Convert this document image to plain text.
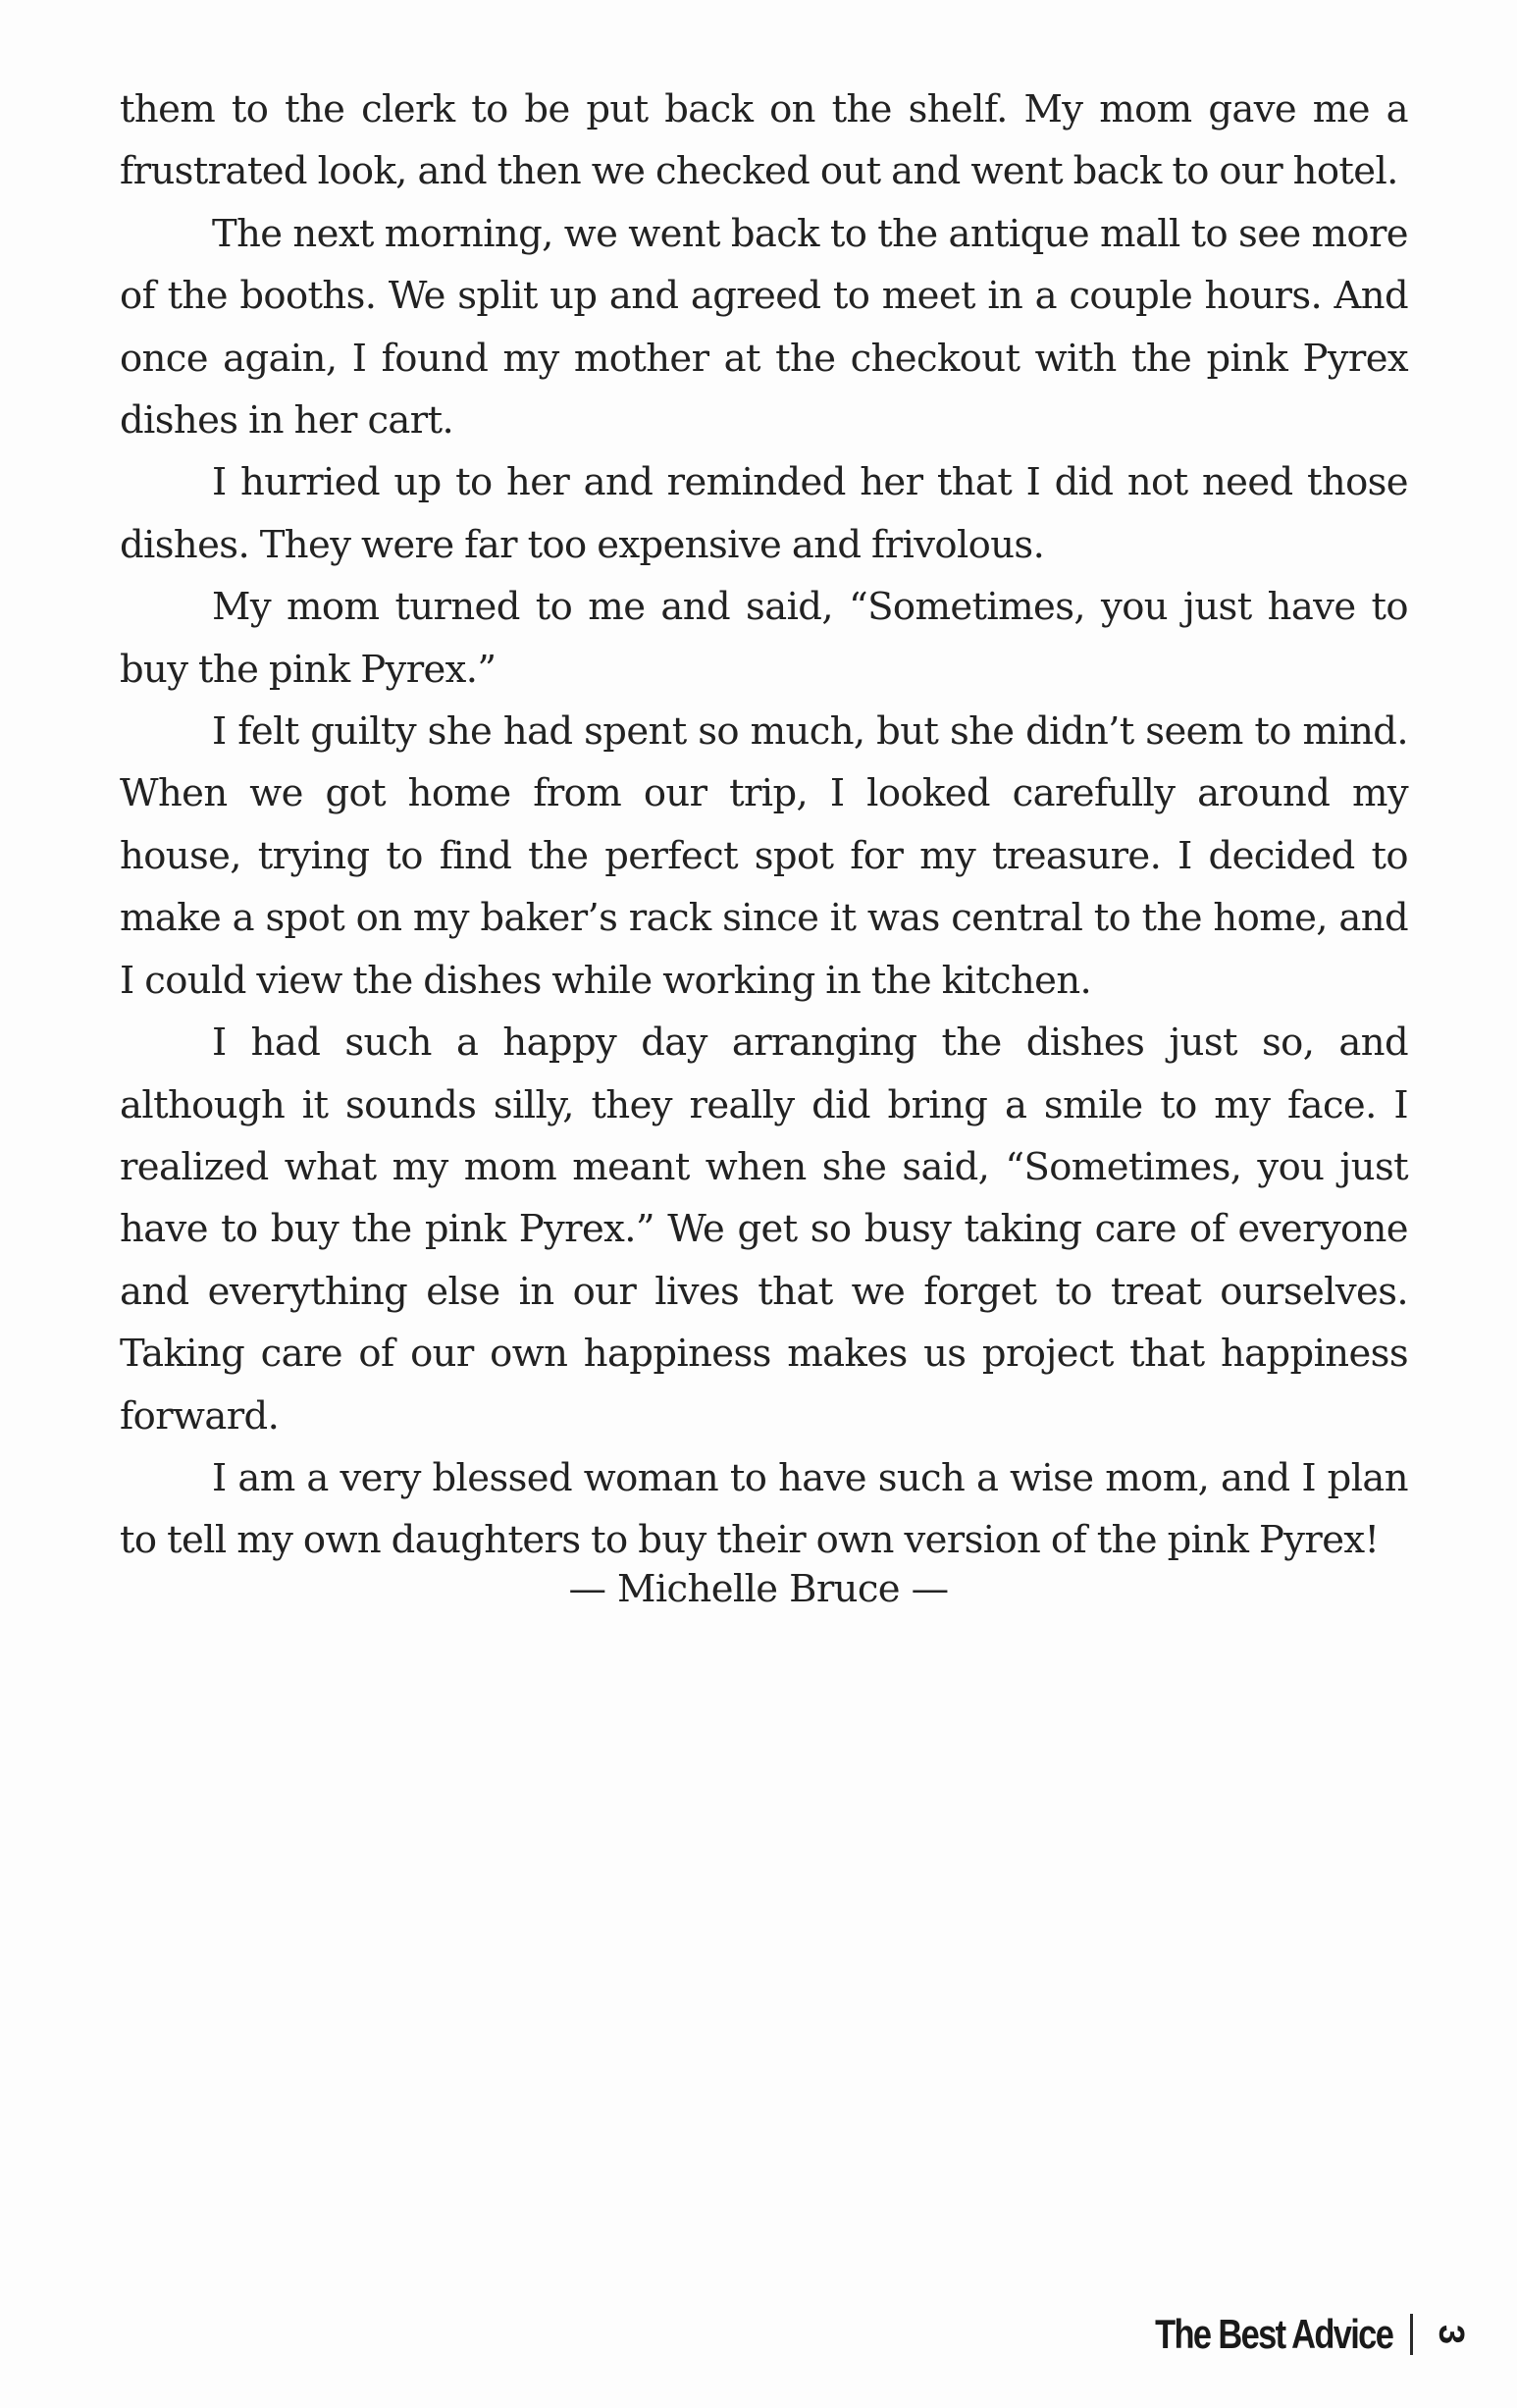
them to the clerk to be put back on the shelf. My mom gave me a frustrated look, and then we checked out and went back to our hotel.

The next morning, we went back to the antique mall to see more of the booths. We split up and agreed to meet in a couple hours. And once again, I found my mother at the checkout with the pink Pyrex dishes in her cart.

I hurried up to her and reminded her that I did not need those dishes. They were far too expensive and frivolous.

My mom turned to me and said, “Sometimes, you just have to buy the pink Pyrex.”

I felt guilty she had spent so much, but she didn’t seem to mind. When we got home from our trip, I looked carefully around my house, trying to find the perfect spot for my treasure. I decided to make a spot on my baker’s rack since it was central to the home, and I could view the dishes while working in the kitchen.

I had such a happy day arranging the dishes just so, and although it sounds silly, they really did bring a smile to my face. I realized what my mom meant when she said, “Sometimes, you just have to buy the pink Pyrex.” We get so busy taking care of everyone and everything else in our lives that we forget to treat ourselves. Taking care of our own happiness makes us project that happiness forward.

I am a very blessed woman to have such a wise mom, and I plan to tell my own daughters to buy their own version of the pink Pyrex!

— Michelle Bruce —
The Best Advice 3
